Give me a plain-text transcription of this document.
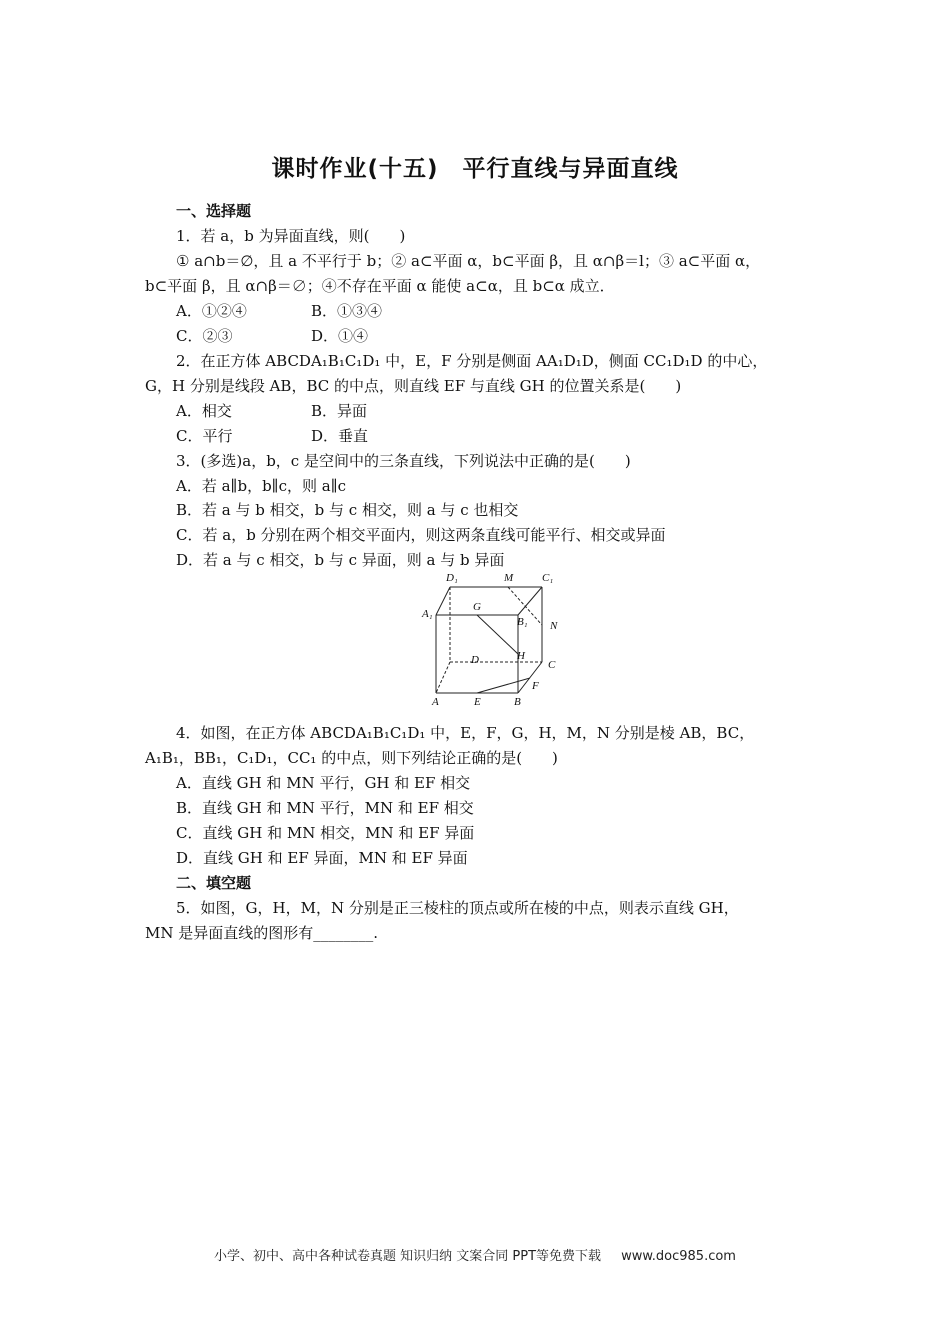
课时作业(十五)　平行直线与异面直线
一、选择题
1．若 a，b 为异面直线，则(　　)
① a∩b＝∅，且 a 不平行于 b；② a⊂平面 α，b⊂平面 β，且 α∩β＝l；③ a⊂平面 α，
b⊂平面 β，且 α∩β＝∅；④不存在平面 α 能使 a⊂α，且 b⊂α 成立．
A．①②④	B．①③④
C．②③	D．①④
2．在正方体 ABCDA₁B₁C₁D₁ 中，E，F 分别是侧面 AA₁D₁D，侧面 CC₁D₁D 的中心，
G，H 分别是线段 AB，BC 的中点，则直线 EF 与直线 GH 的位置关系是(　　)
A．相交	B．异面
C．平行	D．垂直
3．(多选)a，b，c 是空间中的三条直线，下列说法中正确的是(　　)
A．若 a∥b，b∥c，则 a∥c
B．若 a 与 b 相交，b 与 c 相交，则 a 与 c 也相交
C．若 a，b 分别在两个相交平面内，则这两条直线可能平行、相交或异面
D．若 a 与 c 相交，b 与 c 异面，则 a 与 b 异面
D₁	M	C₁
A₁
G
B₁ N
D	H
C
F
A	E	B
4．如图，在正方体 ABCDA₁B₁C₁D₁ 中，E，F，G，H，M，N 分别是棱 AB，BC，
A₁B₁，BB₁，C₁D₁，CC₁ 的中点，则下列结论正确的是(　　)
A．直线 GH 和 MN 平行，GH 和 EF 相交
B．直线 GH 和 MN 平行，MN 和 EF 相交
C．直线 GH 和 MN 相交，MN 和 EF 异面
D．直线 GH 和 EF 异面，MN 和 EF 异面
二、填空题
5．如图，G，H，M，N 分别是正三棱柱的顶点或所在棱的中点，则表示直线 GH，
MN 是异面直线的图形有________.
小学、初中、高中各种试卷真题 知识归纳 文案合同 PPT等免费下载 www.doc985.com
